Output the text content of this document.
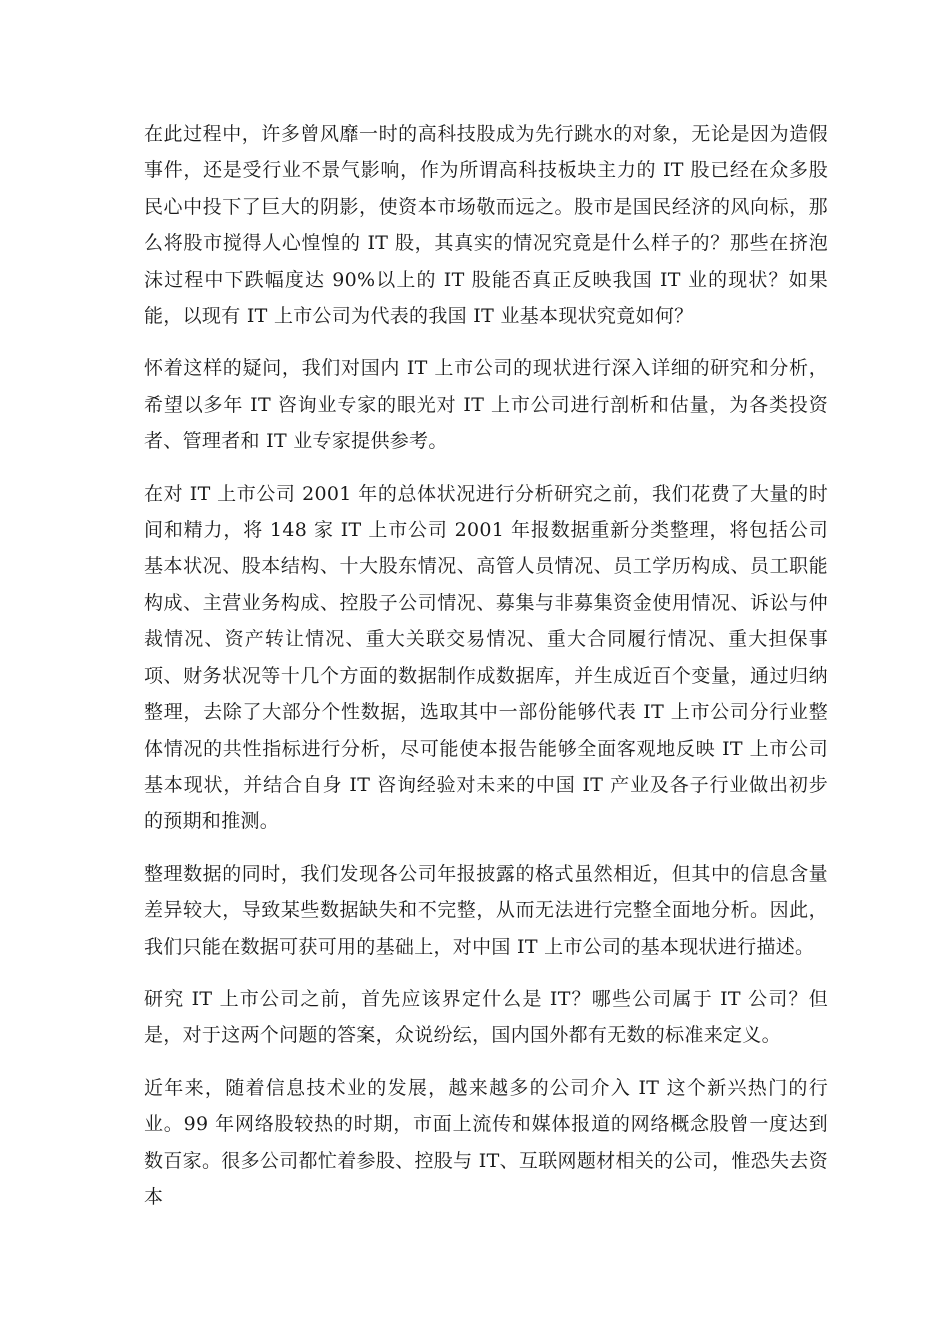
在此过程中，许多曾风靡一时的高科技股成为先行跳水的对象，无论是因为造假事件，还是受行业不景气影响，作为所谓高科技板块主力的 IT 股已经在众多股民心中投下了巨大的阴影，使资本市场敬而远之。股市是国民经济的风向标，那么将股市搅得人心惶惶的 IT 股，其真实的情况究竟是什么样子的？那些在挤泡沫过程中下跌幅度达 90%以上的 IT 股能否真正反映我国 IT 业的现状？如果能，以现有 IT 上市公司为代表的我国 IT 业基本现状究竟如何？

怀着这样的疑问，我们对国内 IT 上市公司的现状进行深入详细的研究和分析，希望以多年 IT 咨询业专家的眼光对 IT 上市公司进行剖析和估量，为各类投资者、管理者和 IT 业专家提供参考。

在对 IT 上市公司 2001 年的总体状况进行分析研究之前，我们花费了大量的时间和精力，将 148 家 IT 上市公司 2001 年报数据重新分类整理，将包括公司基本状况、股本结构、十大股东情况、高管人员情况、员工学历构成、员工职能构成、主营业务构成、控股子公司情况、募集与非募集资金使用情况、诉讼与仲裁情况、资产转让情况、重大关联交易情况、重大合同履行情况、重大担保事项、财务状况等十几个方面的数据制作成数据库，并生成近百个变量，通过归纳整理，去除了大部分个性数据，选取其中一部份能够代表 IT 上市公司分行业整体情况的共性指标进行分析，尽可能使本报告能够全面客观地反映 IT 上市公司基本现状，并结合自身 IT 咨询经验对未来的中国 IT 产业及各子行业做出初步的预期和推测。

整理数据的同时，我们发现各公司年报披露的格式虽然相近，但其中的信息含量差异较大，导致某些数据缺失和不完整，从而无法进行完整全面地分析。因此，我们只能在数据可获可用的基础上，对中国 IT 上市公司的基本现状进行描述。

研究 IT 上市公司之前，首先应该界定什么是 IT？哪些公司属于 IT 公司？但是，对于这两个问题的答案，众说纷纭，国内国外都有无数的标准来定义。

近年来，随着信息技术业的发展，越来越多的公司介入 IT 这个新兴热门的行业。99 年网络股较热的时期，市面上流传和媒体报道的网络概念股曾一度达到数百家。很多公司都忙着参股、控股与 IT、互联网题材相关的公司，惟恐失去资本
